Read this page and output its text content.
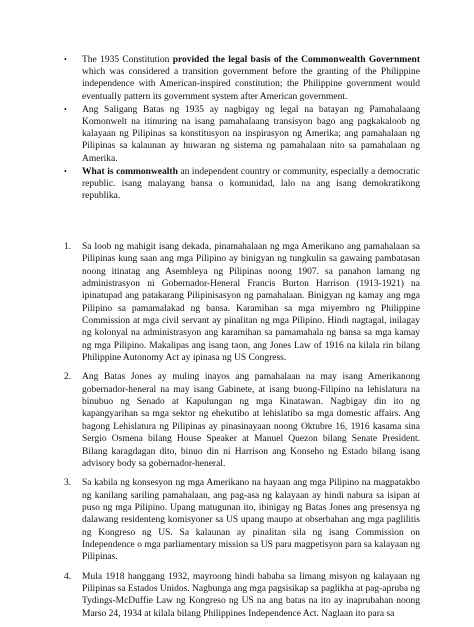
• The 1935 Constitution provided the legal basis of the Commonwealth Government which was considered a transition government before the granting of the Philippine independence with American-inspired constitution; the Philippine government would eventually pattern its government system after American government.
• Ang Saligang Batas ng 1935 ay nagbigay ng legal na batayan ng Pamahalaang Komonwelt na itinuring na isang pamahalaang transisyon bago ang pagkakaloob ng kalayaan ng Pilipinas sa konstitusyon na inspirasyon ng Amerika; ang pamahalaan ng Pilipinas sa kalaunan ay huwaran ng sistema ng pamahalaan nito sa pamahalaan ng Amerika.
• What is commonwealth an independent country or community, especially a democratic republic. isang malayang bansa o komunidad, lalo na ang isang demokratikong republika.
1. Sa loob ng mahigit isang dekada, pinamahalaan ng mga Amerikano ang pamahalaan sa Pilipinas kung saan ang mga Pilipino ay binigyan ng tungkulin sa gawaing pambatasan noong itinatag ang Asembleya ng Pilipinas noong 1907. sa panahon lamang ng administrasyon ni Gobernador-Heneral Francis Burton Harrison (1913-1921) na ipinatupad ang patakarang Pilipinisasyon ng pamahalaan. Binigyan ng kamay ang mga Pilipino sa pamamalakad ng bansa. Karamihan sa mga miyembro ng Philippine Commission at mga civil servant ay pinalitan ng mga Pilipino. Hindi nagtagal, inilagay ng kolonyal na administrasyon ang karamihan sa pamamahala ng bansa sa mga kamay ng mga Pilipino. Makalipas ang isang taon, ang Jones Law of 1916 na kilala rin bilang Philippine Autonomy Act ay ipinasa ng US Congress.
2. Ang Batas Jones ay muling inayos ang pamahalaan na may isang Amerikanong gobernador-heneral na may isang Gabinete, at isang buong-Filipino na lehislatura na binubuo ng Senado at Kapulungan ng mga Kinatawan. Nagbigay din ito ng kapangyarihan sa mga sektor ng ehekutibo at lehislatibo sa mga domestic affairs. Ang bagong Lehislatura ng Pilipinas ay pinasinayaan noong Oktubre 16, 1916 kasama sina Sergio Osmena bilang House Speaker at Manuel Quezon bilang Senate President. Bilang karagdagan dito, binuo din ni Harrison ang Konseho ng Estado bilang isang advisory body sa gobernador-heneral.
3. Sa kabila ng konsesyon ng mga Amerikano na hayaan ang mga Pilipino na magpatakbo ng kanilang sariling pamahalaan, ang pag-asa ng kalayaan ay hindi nabura sa isipan at puso ng mga Pilipino. Upang matugunan ito, ibinigay ng Batas Jones ang presensya ng dalawang residenteng komisyoner sa US upang maupo at obserbahan ang mga paglilitis ng Kongreso ng US. Sa kalaunan ay pinalitan sila ng isang Commission on Independence o mga parliamentary mission sa US para magpetisyon para sa kalayaan ng Pilipinas.
4. Mula 1918 hanggang 1932, mayroong hindi bababa sa limang misyon ng kalayaan ng Pilipinas sa Estados Unidos. Nagbunga ang mga pagsisikap sa paglikha at pag-apruba ng Tydings-McDuffie Law ng Kongreso ng US na ang batas na ito ay inaprubahan noong Marso 24, 1934 at kilala bilang Philippines Independence Act. Naglaan ito para sa
